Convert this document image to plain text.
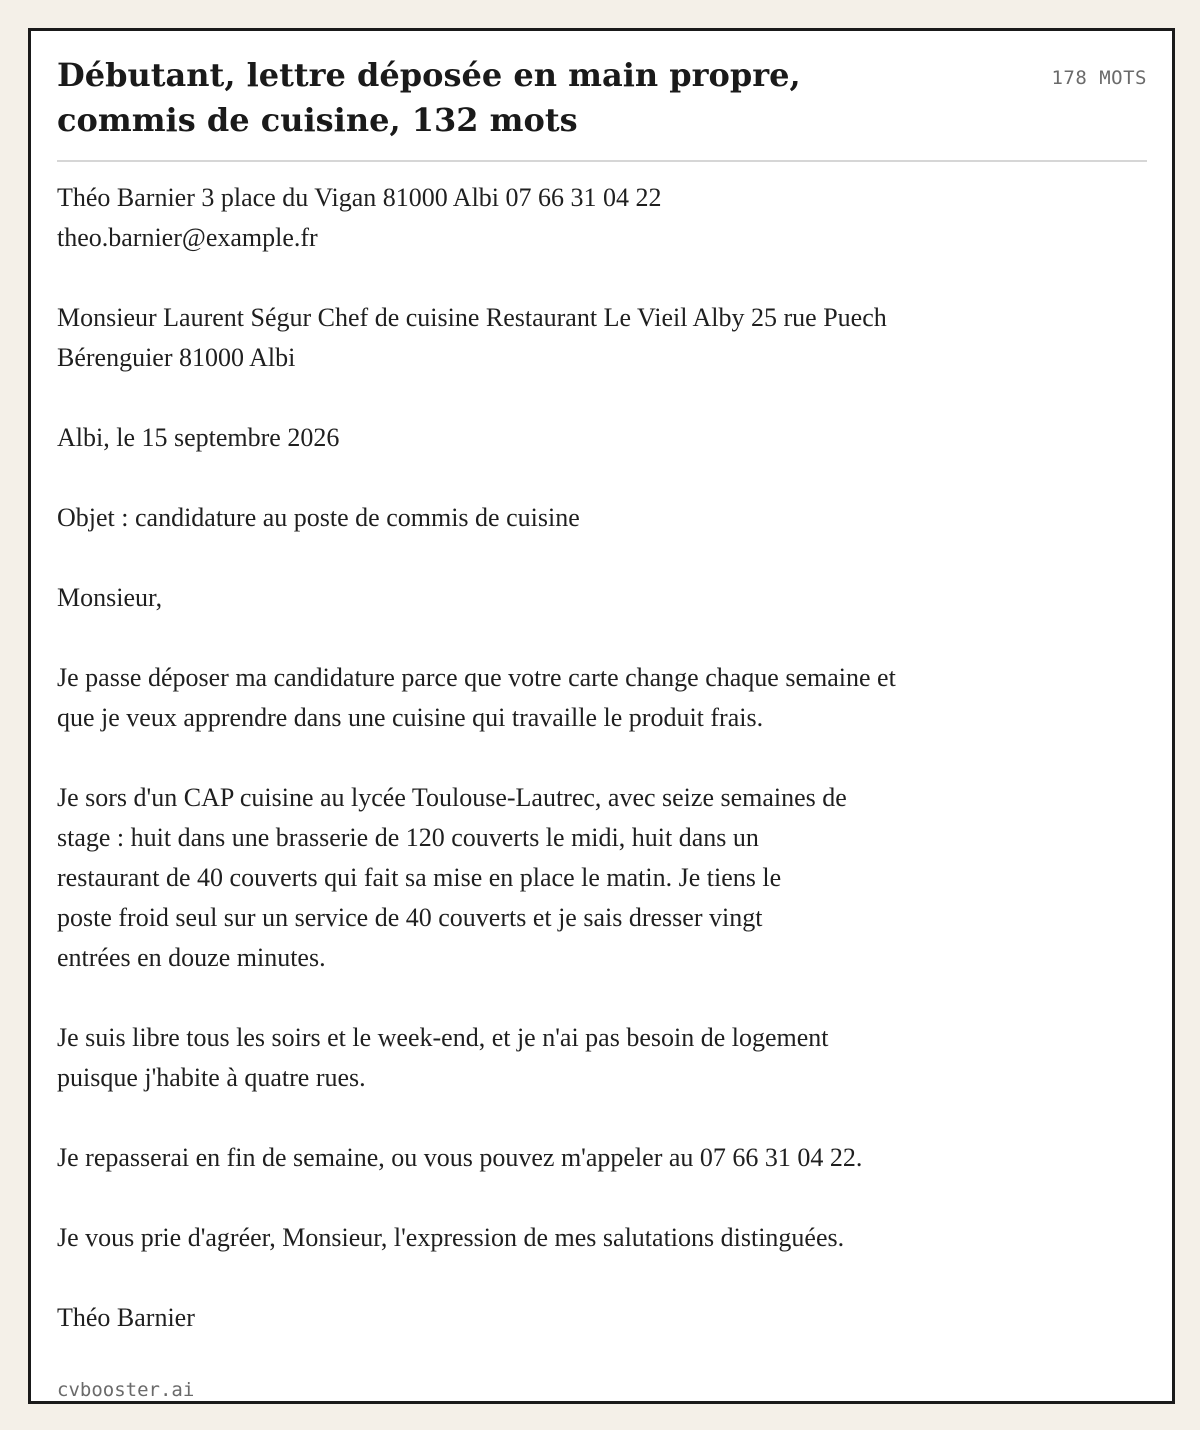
Débutant, lettre déposée en main propre,
commis de cuisine, 132 mots
178 MOTS

Théo Barnier 3 place du Vigan 81000 Albi 07 66 31 04 22
theo.barnier@example.fr

Monsieur Laurent Ségur Chef de cuisine Restaurant Le Vieil Alby 25 rue Puech
Bérenguier 81000 Albi

Albi, le 15 septembre 2026

Objet : candidature au poste de commis de cuisine

Monsieur,

Je passe déposer ma candidature parce que votre carte change chaque semaine et
que je veux apprendre dans une cuisine qui travaille le produit frais.

Je sors d'un CAP cuisine au lycée Toulouse-Lautrec, avec seize semaines de
stage : huit dans une brasserie de 120 couverts le midi, huit dans un
restaurant de 40 couverts qui fait sa mise en place le matin. Je tiens le
poste froid seul sur un service de 40 couverts et je sais dresser vingt
entrées en douze minutes.

Je suis libre tous les soirs et le week-end, et je n'ai pas besoin de logement
puisque j'habite à quatre rues.

Je repasserai en fin de semaine, ou vous pouvez m'appeler au 07 66 31 04 22.

Je vous prie d'agréer, Monsieur, l'expression de mes salutations distinguées.

Théo Barnier

cvbooster.ai
